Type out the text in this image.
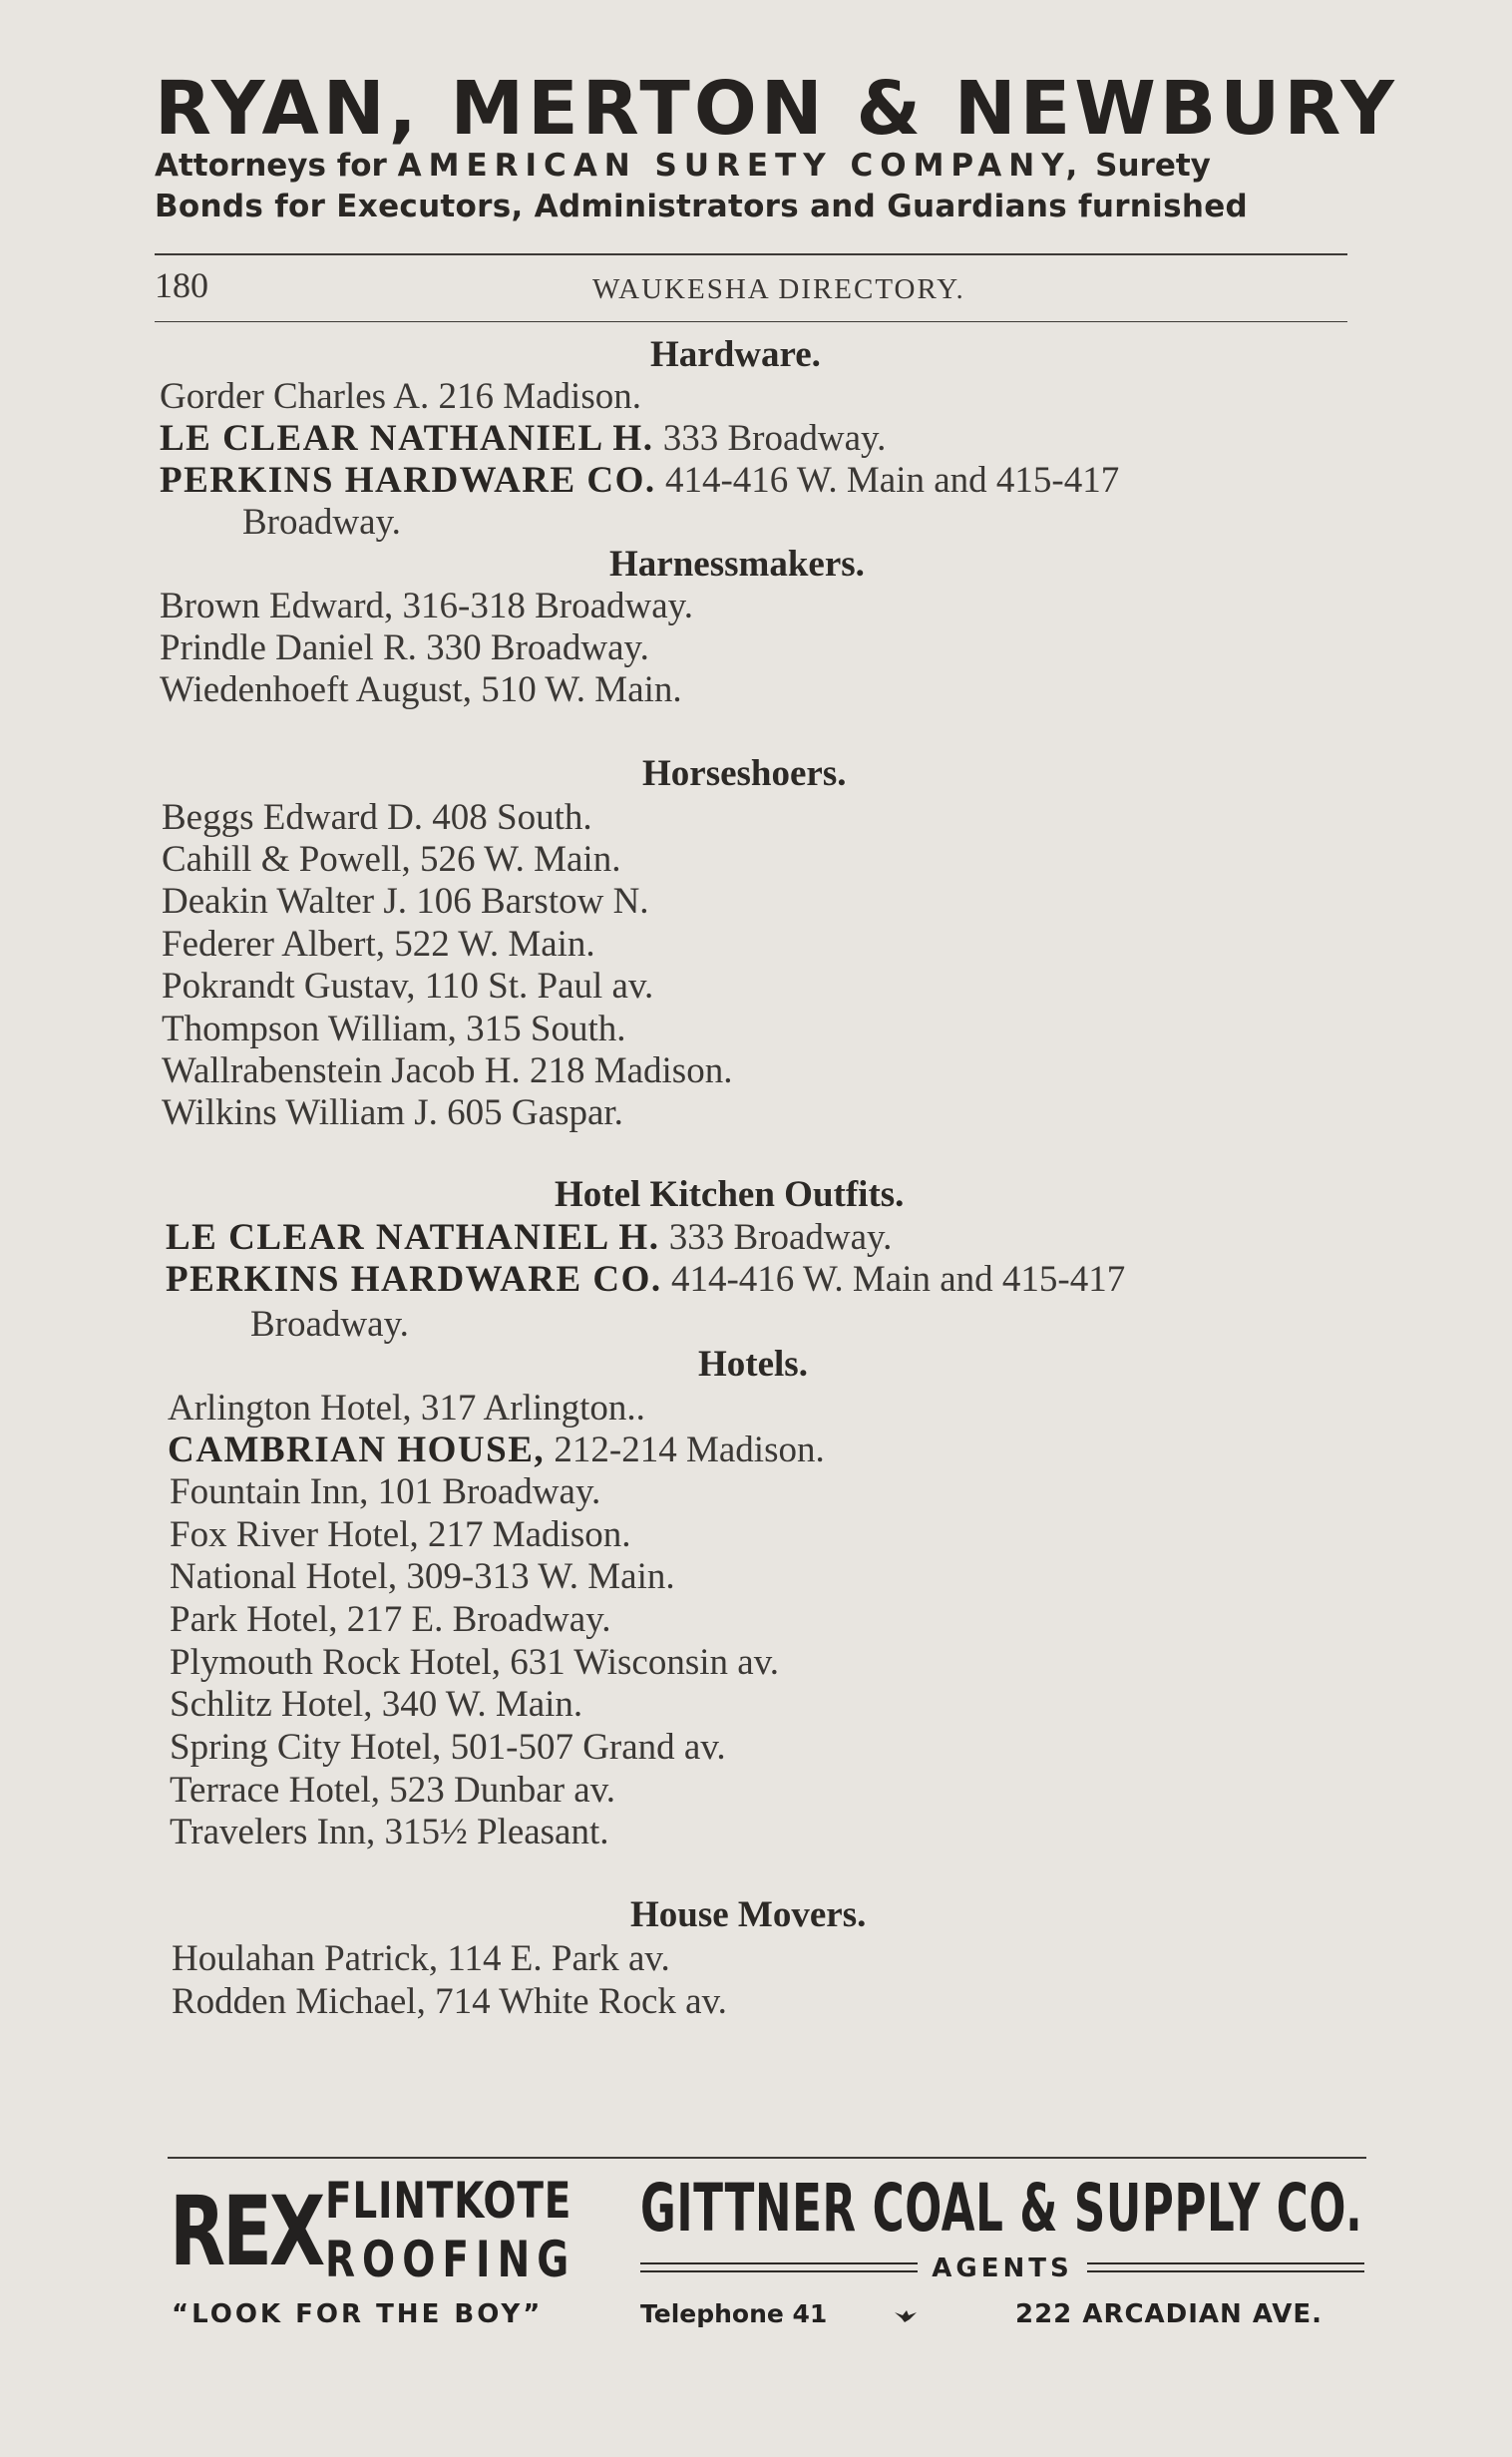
RYAN, MERTON & NEWBURY
Attorneys for AMERICAN SURETY COMPANY, Surety
Bonds for Executors, Administrators and Guardians furnished
180	WAUKESHA DIRECTORY.
Hardware.
Gorder Charles A. 216 Madison.
LE CLEAR NATHANIEL H. 333 Broadway.
PERKINS HARDWARE CO. 414-416 W. Main and 415-417
Broadway.
Harnessmakers.
Brown Edward, 316-318 Broadway.
Prindle Daniel R. 330 Broadway.
Wiedenhoeft August, 510 W. Main.
Horseshoers.
Beggs Edward D. 408 South.
Cahill & Powell, 526 W. Main.
Deakin Walter J. 106 Barstow N.
Federer Albert, 522 W. Main.
Pokrandt Gustav, 110 St. Paul av.
Thompson William, 315 South.
Wallrabenstein Jacob H. 218 Madison.
Wilkins William J. 605 Gaspar.
Hotel Kitchen Outfits.
LE CLEAR NATHANIEL H. 333 Broadway.
PERKINS HARDWARE CO. 414-416 W. Main and 415-417
Broadway.
Hotels.
Arlington Hotel, 317 Arlington..
CAMBRIAN HOUSE, 212-214 Madison.
Fountain Inn, 101 Broadway.
Fox River Hotel, 217 Madison.
National Hotel, 309-313 W. Main.
Park Hotel, 217 E. Broadway.
Plymouth Rock Hotel, 631 Wisconsin av.
Schlitz Hotel, 340 W. Main.
Spring City Hotel, 501-507 Grand av.
Terrace Hotel, 523 Dunbar av.
Travelers Inn, 315½ Pleasant.
House Movers.
Houlahan Patrick, 114 E. Park av.
Rodden Michael, 714 White Rock av.
REX FLINTKOTE
ROOFING
GITTNER COAL & SUPPLY CO.
AGENTS
“LOOK FOR THE BOY”	Telephone 41	222 ARCADIAN AVE.
